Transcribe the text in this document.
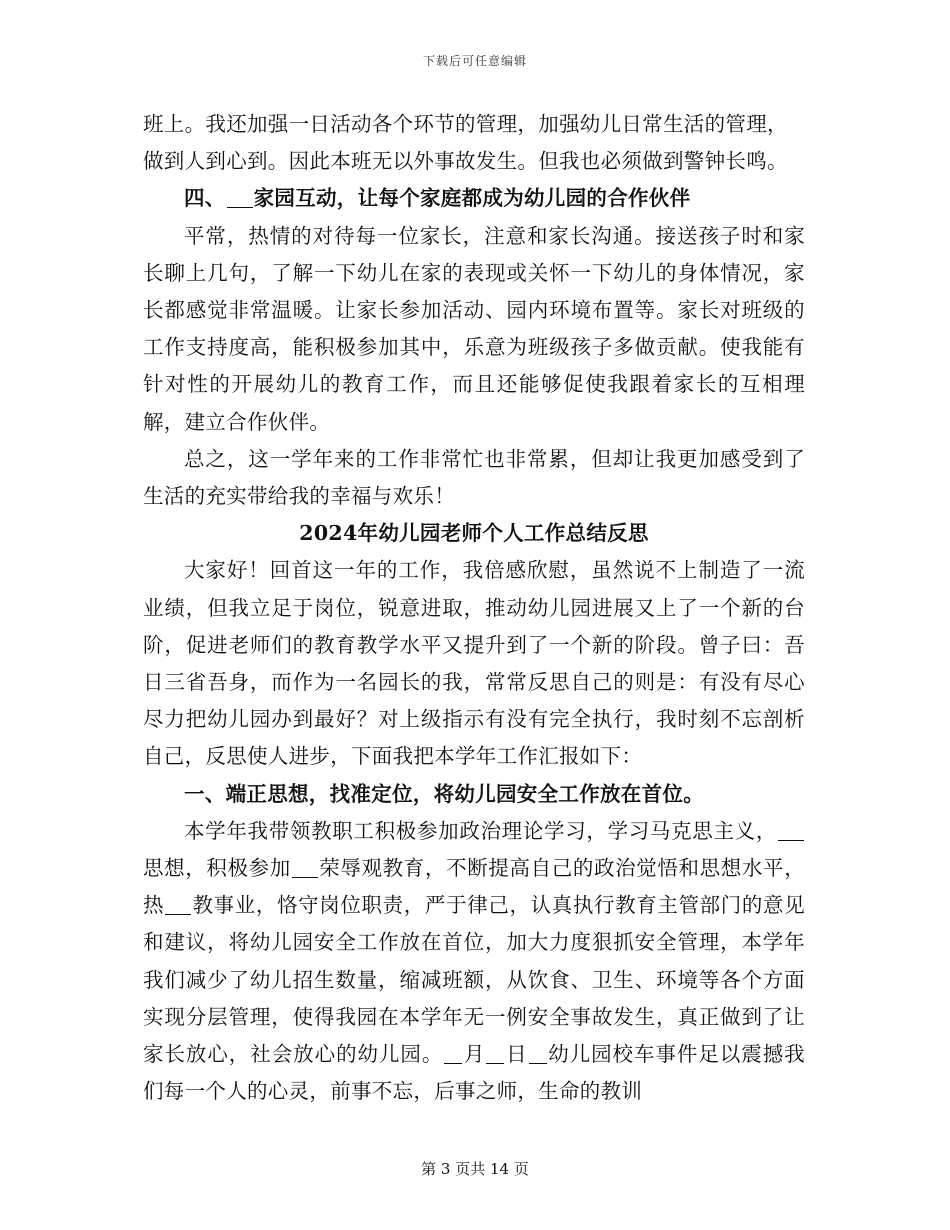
下载后可任意编辑

班上。我还加强一日活动各个环节的管理，加强幼儿日常生活的管理，
做到人到心到。因此本班无以外事故发生。但我也必须做到警钟长鸣。

四、 家园互动，让每个家庭都成为幼儿园的合作伙伴

平常，热情的对待每一位家长，注意和家长沟通。接送孩子时和家长聊上几句，了解一下幼儿在家的表现或关怀一下幼儿的身体情况，家长都感觉非常温暖。让家长参加活动、园内环境布置等。家长对班级的工作支持度高，能积极参加其中，乐意为班级孩子多做贡献。使我能有针对性的开展幼儿的教育工作，而且还能够促使我跟着家长的互相理解，建立合作伙伴。

总之，这一学年来的工作非常忙也非常累，但却让我更加感受到了生活的充实带给我的幸福与欢乐！

2024年幼儿园老师个人工作总结反思

大家好！回首这一年的工作，我倍感欣慰，虽然说不上制造了一流业绩，但我立足于岗位，锐意进取，推动幼儿园进展又上了一个新的台阶，促进老师们的教育教学水平又提升到了一个新的阶段。曾子曰：吾日三省吾身，而作为一名园长的我，常常反思自己的则是：有没有尽心尽力把幼儿园办到最好？对上级指示有没有完全执行，我时刻不忘剖析自己，反思使人进步，下面我把本学年工作汇报如下：

一、端正思想，找准定位，将幼儿园安全工作放在首位。

本学年我带领教职工积极参加政治理论学习，学习马克思主义，思想，积极参加 荣辱观教育，不断提高自己的政治觉悟和思想水平，热 教事业，恪守岗位职责，严于律己，认真执行教育主管部门的意见和建议，将幼儿园安全工作放在首位，加大力度狠抓安全管理，本学年我们减少了幼儿招生数量，缩减班额，从饮食、卫生、环境等各个方面实现分层管理，使得我园在本学年无一例安全事故发生，真正做到了让家长放心，社会放心的幼儿园。 月 日 幼儿园校车事件足以震撼我们每一个人的心灵，前事不忘，后事之师，生命的教训

第 3 页共 14 页
